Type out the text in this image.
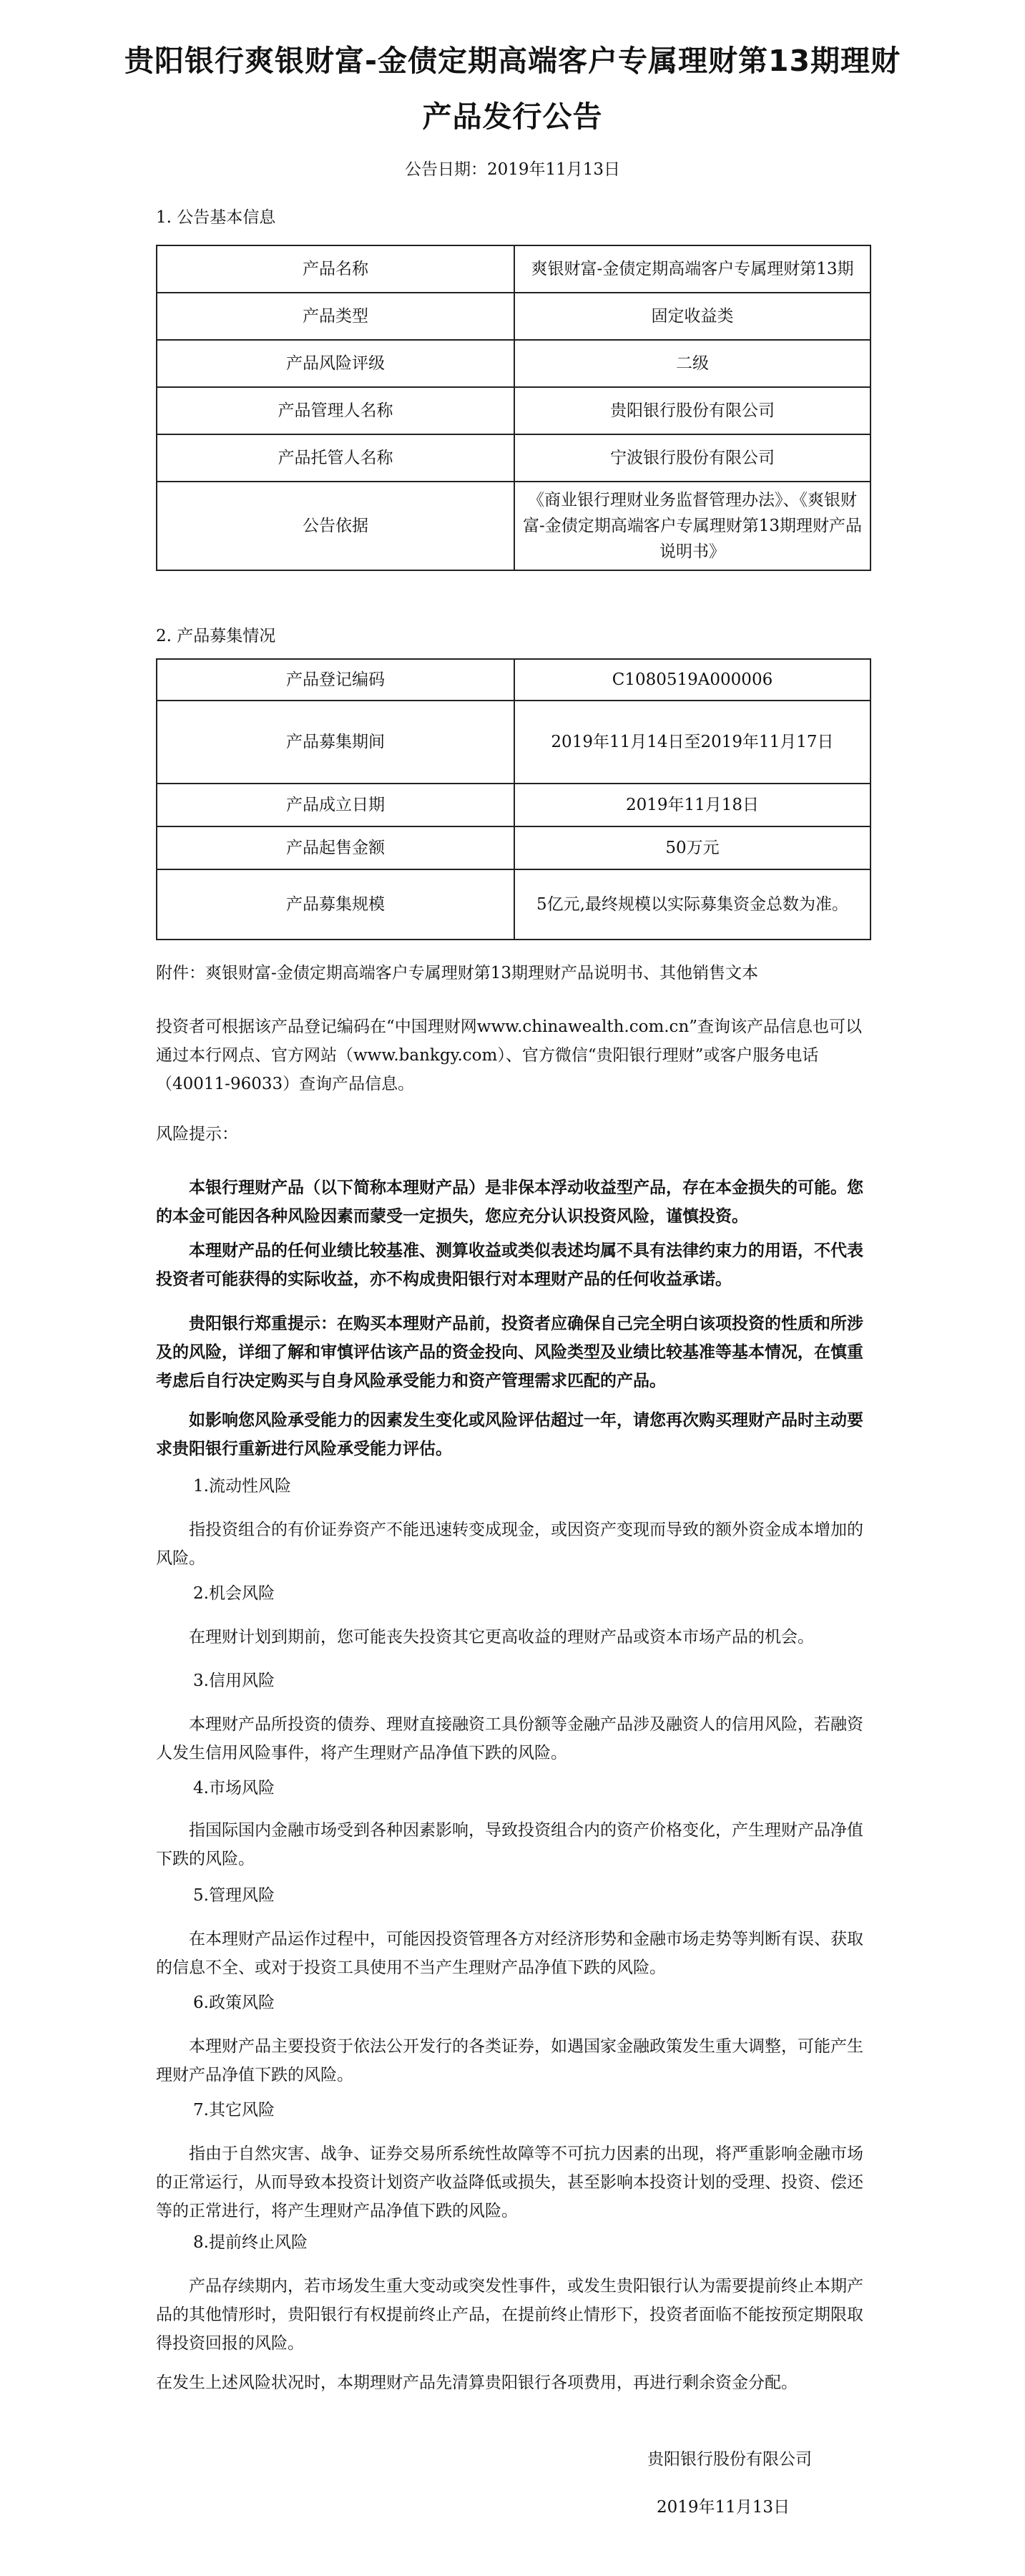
贵阳银行爽银财富-金债定期高端客户专属理财第13期理财
产品发行公告
公告日期：2019年11月13日
1. 公告基本信息
产品名称	爽银财富-金债定期高端客户专属理财第13期
产品类型	固定收益类
产品风险评级	二级
产品管理人名称	贵阳银行股份有限公司
产品托管人名称	宁波银行股份有限公司
公告依据	《商业银行理财业务监督管理办法》、《爽银财富-金债定期高端客户专属理财第13期理财产品说明书》
2. 产品募集情况
产品登记编码	C1080519A000006
产品募集期间	2019年11月14日至2019年11月17日
产品成立日期	2019年11月18日
产品起售金额	50万元
产品募集规模	5亿元,最终规模以实际募集资金总数为准。
附件：爽银财富-金债定期高端客户专属理财第13期理财产品说明书、其他销售文本
投资者可根据该产品登记编码在“中国理财网www.chinawealth.com.cn”查询该产品信息也可以通过本行网点、官方网站（www.bankgy.com）、官方微信“贵阳银行理财”或客户服务电话（40011-96033）查询产品信息。
风险提示：
本银行理财产品（以下简称本理财产品）是非保本浮动收益型产品，存在本金损失的可能。您的本金可能因各种风险因素而蒙受一定损失，您应充分认识投资风险，谨慎投资。
本理财产品的任何业绩比较基准、测算收益或类似表述均属不具有法律约束力的用语，不代表投资者可能获得的实际收益，亦不构成贵阳银行对本理财产品的任何收益承诺。
贵阳银行郑重提示：在购买本理财产品前，投资者应确保自己完全明白该项投资的性质和所涉及的风险，详细了解和审慎评估该产品的资金投向、风险类型及业绩比较基准等基本情况，在慎重考虑后自行决定购买与自身风险承受能力和资产管理需求匹配的产品。
如影响您风险承受能力的因素发生变化或风险评估超过一年，请您再次购买理财产品时主动要求贵阳银行重新进行风险承受能力评估。
1.流动性风险
指投资组合的有价证券资产不能迅速转变成现金，或因资产变现而导致的额外资金成本增加的风险。
2.机会风险
在理财计划到期前，您可能丧失投资其它更高收益的理财产品或资本市场产品的机会。
3.信用风险
本理财产品所投资的债券、理财直接融资工具份额等金融产品涉及融资人的信用风险，若融资人发生信用风险事件，将产生理财产品净值下跌的风险。
4.市场风险
指国际国内金融市场受到各种因素影响，导致投资组合内的资产价格变化，产生理财产品净值下跌的风险。
5.管理风险
在本理财产品运作过程中，可能因投资管理各方对经济形势和金融市场走势等判断有误、获取的信息不全、或对于投资工具使用不当产生理财产品净值下跌的风险。
6.政策风险
本理财产品主要投资于依法公开发行的各类证券，如遇国家金融政策发生重大调整，可能产生理财产品净值下跌的风险。
7.其它风险
指由于自然灾害、战争、证券交易所系统性故障等不可抗力因素的出现，将严重影响金融市场的正常运行，从而导致本投资计划资产收益降低或损失，甚至影响本投资计划的受理、投资、偿还等的正常进行，将产生理财产品净值下跌的风险。
8.提前终止风险
产品存续期内，若市场发生重大变动或突发性事件，或发生贵阳银行认为需要提前终止本期产品的其他情形时，贵阳银行有权提前终止产品，在提前终止情形下，投资者面临不能按预定期限取得投资回报的风险。
在发生上述风险状况时，本期理财产品先清算贵阳银行各项费用，再进行剩余资金分配。
贵阳银行股份有限公司
2019年11月13日
